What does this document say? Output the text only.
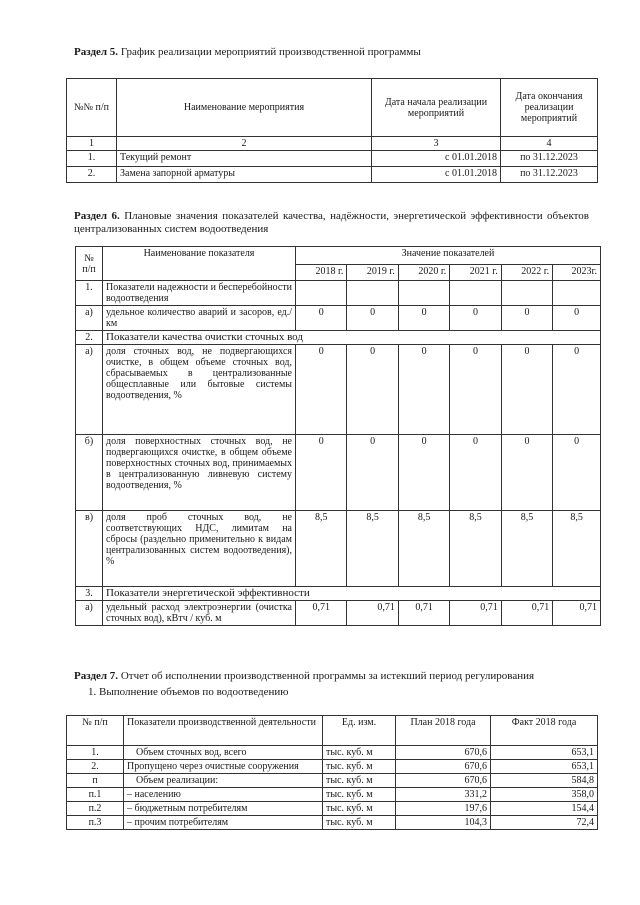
Раздел 5. График реализации мероприятий производственной программы
№№ п/п	Наименование мероприятия	Дата начала реализации мероприятий	Дата окончания реализации мероприятий
1	2	3	4
1.	Текущий ремонт	с 01.01.2018	по 31.12.2023
2.	Замена запорной арматуры	с 01.01.2018	по 31.12.2023
Раздел 6. Плановые значения показателей качества, надёжности, энергетической эффективности объектов централизованных систем водоотведения
№ п/п	Наименование показателя	Значение показателей					
		2018 г.	2019 г.	2020 г.	2021 г.	2022 г.	2023г.
1.	Показатели надежности и бесперебойности водоотведения						
а)	удельное количество аварий и засоров, ед./км	0	0	0	0	0	0
2.	Показатели качества очистки сточных вод						
а)	доля сточных вод, не подвергающихся очистке, в общем объеме сточных вод, сбрасываемых в централизованные общесплавные или бытовые системы водоотведения, %	0	0	0	0	0	0
б)	доля поверхностных сточных вод, не подвергающихся очистке, в общем объеме поверхностных сточных вод, принимаемых в централизованную ливневую систему водоотведения, %	0	0	0	0	0	0
в)	доля проб сточных вод, не соответствующих НДС, лимитам на сбросы (раздельно применительно к видам централизованных систем водоотведения), %	8,5	8,5	8,5	8,5	8,5	8,5
3.	Показатели энергетической эффективности						
а)	удельный расход электроэнергии (очистка сточных вод), кВтч / куб. м	0,71	0,71	0,71	0,71	0,71	0,71
Раздел 7. Отчет об исполнении производственной программы за истекший период регулирования
1. Выполнение объемов по водоотведению
№ п/п	Показатели производственной деятельности	Ед. изм.	План 2018 года	Факт 2018 года
1.	Объем сточных вод, всего	тыс. куб. м	670,6	653,1
2.	Пропущено через очистные сооружения	тыс. куб. м	670,6	653,1
п	Объем реализации:	тыс. куб. м	670,6	584,8
п.1	– населению	тыс. куб. м	331,2	358,0
п.2	– бюджетным потребителям	тыс. куб. м	197,6	154,4
п.3	– прочим потребителям	тыс. куб. м	104,3	72,4
